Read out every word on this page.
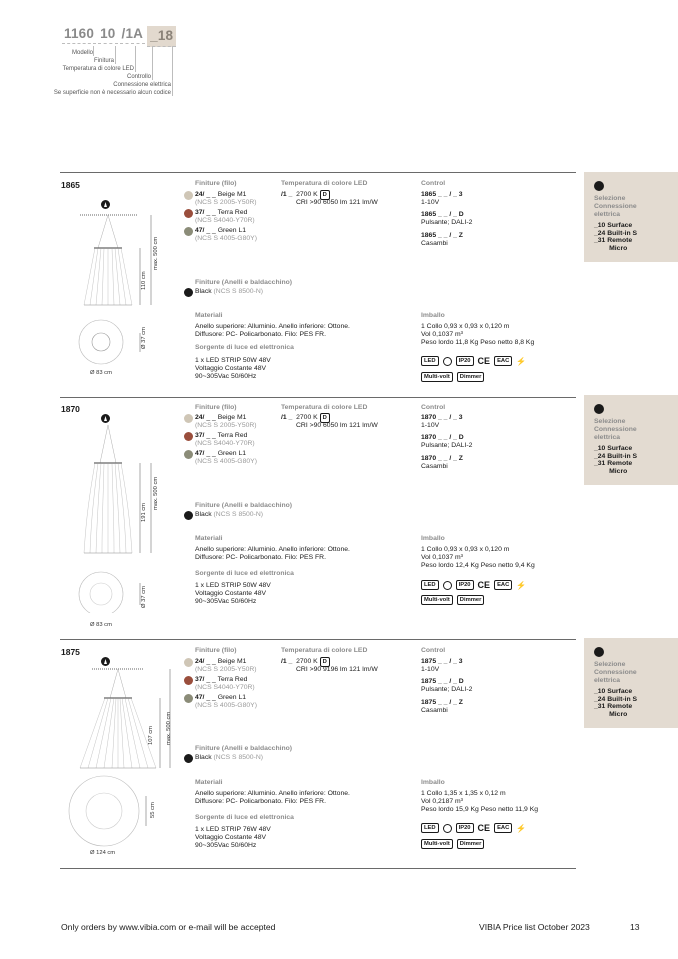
1160 10 /1A _18
Modello
Finitura
Temperatura di colore LED
Controllo
Connessione elettrica
Se superficie non è necessario alcun codice
1865
max. 500 cm
110 cm
Ø 37 cm
Ø 83 cm
Finiture (filo)
24/ _ _ Beige M1
(NCS S 2005-Y50R)
37/ _ _ Terra Red
(NCS S4040-Y70R)
47/ _ _ Green L1
(NCS S 4005-G80Y)
Temperatura di colore LED
/1 _ 2700 K D
CRI >90 6050 lm 121 lm/W
Control
1865 _ _ / _ 3
1-10V
1865 _ _ / _ D
Pulsante; DALI-2
1865 _ _ / _ Z
Casambi
Selezione
Connessione
elettrica
_10 Surface
_24 Built-in S
_31 Remote
Micro
Finiture (Anelli e baldacchino)
Black (NCS S 8500-N)
Materiali
Anello superiore: Alluminio. Anello inferiore: Ottone.
Diffusore: PC- Policarbonato. Filo: PES FR.
Sorgente di luce ed elettronica
1 x LED STRIP 50W 48V
Voltaggio Costante 48V
90~305Vac 50/60Hz
Imballo
1 Collo 0,93 x 0,93 x 0,120 m
Vol 0,1037 m³
Peso lordo 11,8 Kg Peso netto 8,8 Kg
LED	IP20 CE	EAC ⚡
Multi-volt	Dimmer
1870
max. 500 cm
191 cm
Ø 37 cm
Ø 83 cm
Finiture (filo)
24/ _ _ Beige M1
(NCS S 2005-Y50R)
37/ _ _ Terra Red
(NCS S4040-Y70R)
47/ _ _ Green L1
(NCS S 4005-G80Y)
Temperatura di colore LED
/1 _ 2700 K D
CRI >90 6050 lm 121 lm/W
Control
1870 _ _ / _ 3
1-10V
1870 _ _ / _ D
Pulsante; DALI-2
1870 _ _ / _ Z
Casambi
Selezione
Connessione
elettrica
_10 Surface
_24 Built-in S
_31 Remote
Micro
Finiture (Anelli e baldacchino)
Black (NCS S 8500-N)
Materiali
Anello superiore: Alluminio. Anello inferiore: Ottone.
Diffusore: PC- Policarbonato. Filo: PES FR.
Sorgente di luce ed elettronica
1 x LED STRIP 50W 48V
Voltaggio Costante 48V
90~305Vac 50/60Hz
Imballo
1 Collo 0,93 x 0,93 x 0,120 m
Vol 0,1037 m³
Peso lordo 12,4 Kg Peso netto 9,4 Kg
LED	IP20 CE	EAC ⚡
Multi-volt	Dimmer
1875
max. 500 cm
107 cm
55 cm
Ø 124 cm
Finiture (filo)
24/ _ _ Beige M1
(NCS S 2005-Y50R)
37/ _ _ Terra Red
(NCS S4040-Y70R)
47/ _ _ Green L1
(NCS S 4005-G80Y)
Temperatura di colore LED
/1 _ 2700 K D
CRI >90 9196 lm 121 lm/W
Control
1875 _ _ / _ 3
1-10V
1875 _ _ / _ D
Pulsante; DALI-2
1875 _ _ / _ Z
Casambi
Selezione
Connessione
elettrica
_10 Surface
_24 Built-in S
_31 Remote
Micro
Finiture (Anelli e baldacchino)
Black (NCS S 8500-N)
Materiali
Anello superiore: Alluminio. Anello inferiore: Ottone.
Diffusore: PC- Policarbonato. Filo: PES FR.
Sorgente di luce ed elettronica
1 x LED STRIP 76W 48V
Voltaggio Costante 48V
90~305Vac 50/60Hz
Imballo
1 Collo 1,35 x 1,35 x 0,12 m
Vol 0,2187 m³
Peso lordo 15,9 Kg Peso netto 11,9 Kg
LED	IP20 CE	EAC ⚡
Multi-volt	Dimmer
Only orders by www.vibia.com or e-mail will be accepted	VIBIA Price list October 2023	13
